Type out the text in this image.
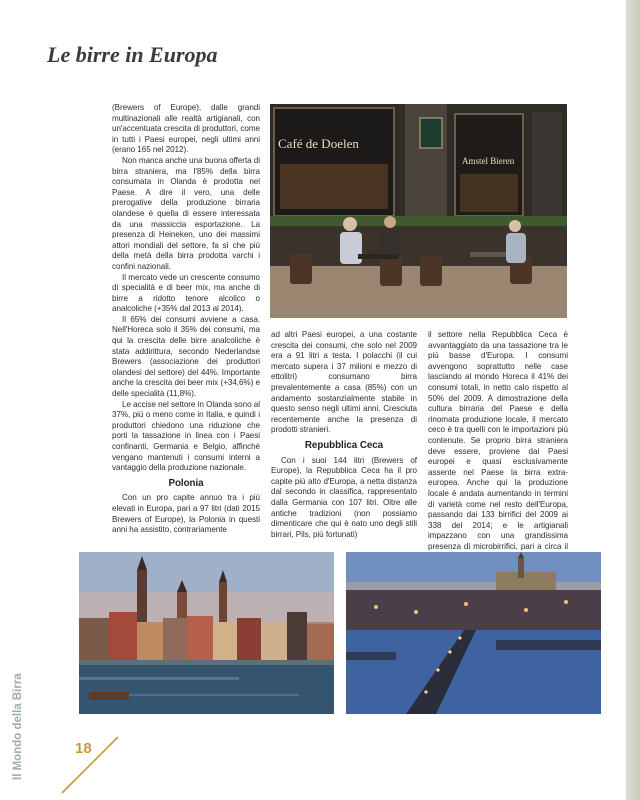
Le birre in Europa

(Brewers of Europe), dalle grandi multinazionali alle realtà artigianali, con un'accentuata crescita di produttori, come in tutti i Paesi europei, negli ultimi anni (erano 165 nel 2012).

Non manca anche una buona offerta di birra straniera, ma l'85% della birra consumata in Olanda è prodotta nel Paese. A dire il vero, una delle prerogative della produzione birraria olandese è quella di essere interessata da una massiccia esportazione. La presenza di Heineken, uno dei massimi attori mondiali del settore, fa sì che più della metà della birra prodotta varchi i confini nazionali.

Il mercato vede un crescente consumo di specialità e di beer mix, ma anche di birre a ridotto tenore alcolico o analcoliche (+35% dal 2013 al 2014).

Il 65% dei consumi avviene a casa. Nell'Horeca solo il 35% dei consumi, ma qui la crescita delle birre analcoliche è stata addirittura, secondo Nederlandse Brewers (associazione dei produttori olandesi del settore) del 44%. Importante anche la crescita dei beer mix (+34,6%) e delle specialità (11,8%).

Le accise nel settore in Olanda sono al 37%, più o meno come in Italia, e quindi i produttori chiedono una riduzione che porti la tassazione in linea con i Paesi confinanti, Germania e Belgio, affinché vengano mantenuti i consumi interni a vantaggio della produzione nazionale.

Polonia

Con un pro capite annuo tra i più elevati in Europa, pari a 97 litri (dati 2015 Brewers of Europe), la Polonia in questi anni ha assistito, contrariamente

Café de Doelen
Amstel Bieren

ad altri Paesi europei, a una costante crescita dei consumi, che solo nel 2009 era a 91 litri a testa. I polacchi (il cui mercato supera i 37 milioni e mezzo di ettolitri) consumano birra prevalentemente a casa (85%) con un andamento sostanzialmente stabile in questo senso negli ultimi anni. Cresciuta recentemente anche la presenza di prodotti stranieri.

Repubblica Ceca

Con i suoi 144 litri (Brewers of Europe), la Repubblica Ceca ha il pro capite più alto d'Europa, a netta distanza dal secondo in classifica, rappresentato dalla Germania con 107 litri. Oltre alle antiche tradizioni (non possiamo dimenticare che qui è nato uno degli stili birrari, Pils, più fortunati)

il settore nella Repubblica Ceca è avvantaggiato da una tassazione tra le più basse d'Europa. I consumi avvengono soprattutto nelle case lasciando al mondo Horeca il 41% dei consumi totali, in netto calo rispetto al 50% del 2009. A dimostrazione della cultura birraria del Paese e della rinomata produzione locale, il mercato ceco è tra quelli con le importazioni più contenute. Se proprio birra straniera deve essere, proviene dai Paesi europei e quasi esclusivamente assente nel Paese la birra extra-europea. Anche qui la produzione locale è andata aumentando in termini di varietà come nel resto dell'Europa, passando dai 133 birrifici del 2009 ai 338 del 2014; e le artigianali impazzano con una grandissima presenza di microbirrifici, pari a circa il

Il Mondo della Birra	18
